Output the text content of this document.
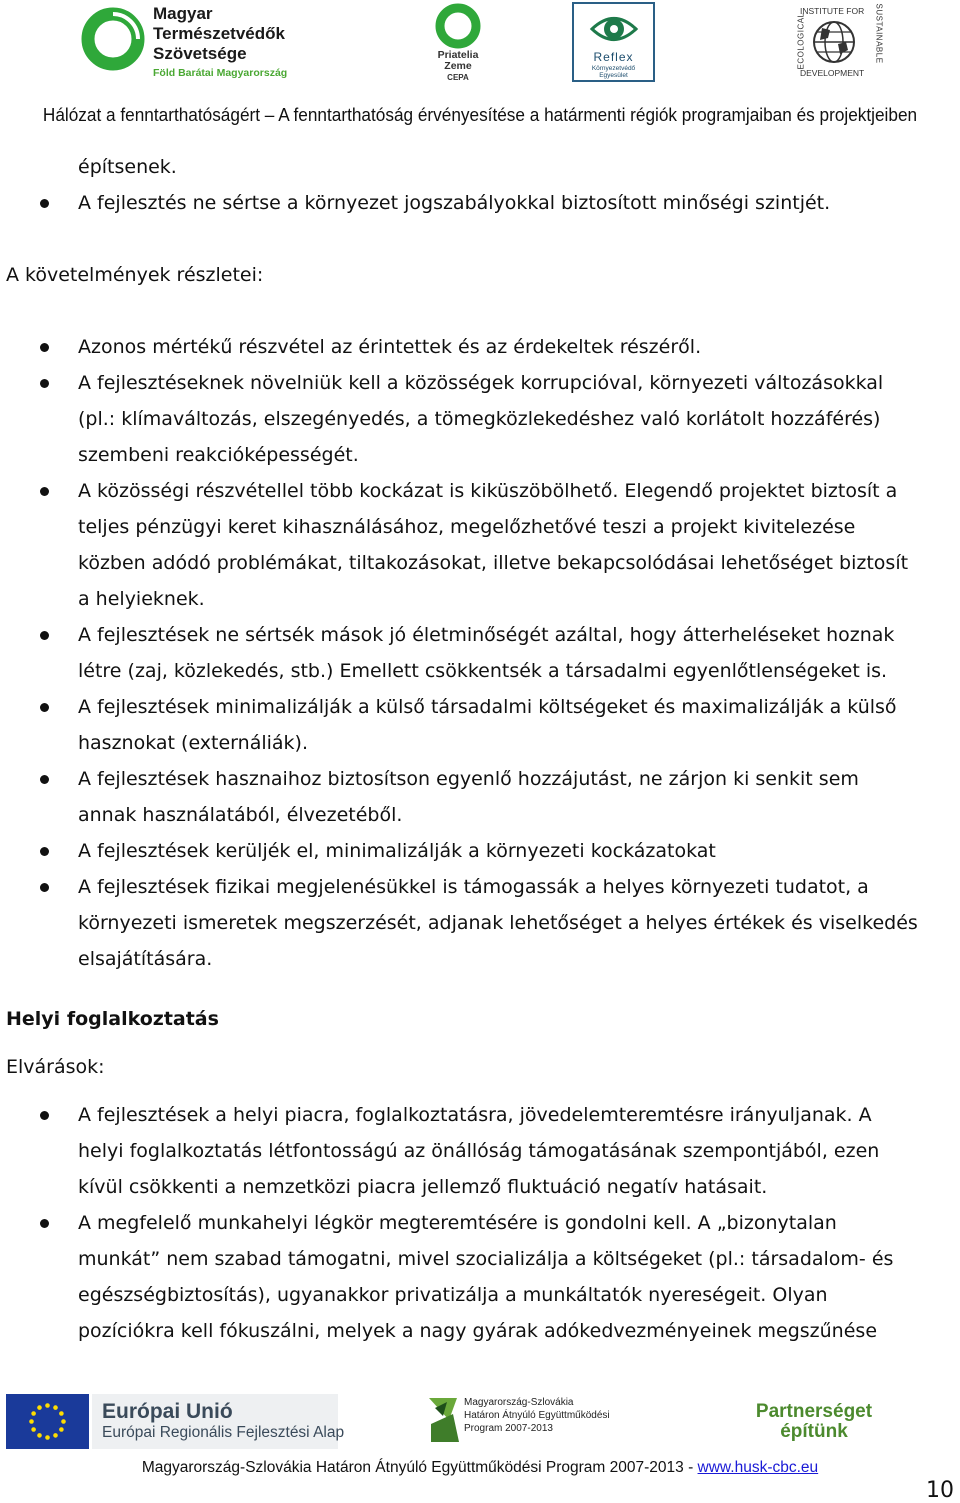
Magyar
Természetvédők
Szövetsége
Föld Barátai Magyarország
Priatelia
Zeme
CEPA
Reflex
Környezetvédő
Egyesület
INSTITUTE FOR
ECOLOGICAL	SUSTAINABLE
DEVELOPMENT
Hálózat a fenntarthatóságért – A fenntarthatóság érvényesítése a határmenti régiók programjaiban és projektjeiben
építsenek.
A fejlesztés ne sértse a környezet jogszabályokkal biztosított minőségi szintjét.
A követelmények részletei:
Azonos mértékű részvétel az érintettek és az érdekeltek részéről.
A fejlesztéseknek növelniük kell a közösségek korrupcióval, környezeti változásokkal
(pl.: klímaváltozás, elszegényedés, a tömegközlekedéshez való korlátolt hozzáférés)
szembeni reakcióképességét.
A közösségi részvétellel több kockázat is kiküszöbölhető. Elegendő projektet biztosít a
teljes pénzügyi keret kihasználásához, megelőzhetővé teszi a projekt kivitelezése
közben adódó problémákat, tiltakozásokat, illetve bekapcsolódásai lehetőséget biztosít
a helyieknek.
A fejlesztések ne sértsék mások jó életminőségét azáltal, hogy átterheléseket hoznak
létre (zaj, közlekedés, stb.) Emellett csökkentsék a társadalmi egyenlőtlenségeket is.
A fejlesztések minimalizálják a külső társadalmi költségeket és maximalizálják a külső
hasznokat (externáliák).
A fejlesztések hasznaihoz biztosítson egyenlő hozzájutást, ne zárjon ki senkit sem
annak használatából, élvezetéből.
A fejlesztések kerüljék el, minimalizálják a környezeti kockázatokat
A fejlesztések fizikai megjelenésükkel is támogassák a helyes környezeti tudatot, a
környezeti ismeretek megszerzését, adjanak lehetőséget a helyes értékek és viselkedés
elsajátítására.
Helyi foglalkoztatás
Elvárások:
A fejlesztések a helyi piacra, foglalkoztatásra, jövedelemteremtésre irányuljanak. A
helyi foglalkoztatás létfontosságú az önállóság támogatásának szempontjából, ezen
kívül csökkenti a nemzetközi piacra jellemző fluktuáció negatív hatásait.
A megfelelő munkahelyi légkör megteremtésére is gondolni kell. A „bizonytalan
munkát” nem szabad támogatni, mivel szocializálja a költségeket (pl.: társadalom- és
egészségbiztosítás), ugyanakkor privatizálja a munkáltatók nyereségeit. Olyan
pozíciókra kell fókuszálni, melyek a nagy gyárak adókedvezményeinek megszűnése
Európai Unió
Európai Regionális Fejlesztési Alap
Magyarország-Szlovákia
Határon Átnyúló Együttműködési
Program 2007-2013
Partnerséget
építünk
Magyarország-Szlovákia Határon Átnyúló Együttműködési Program 2007-2013 - www.husk-cbc.eu
10
